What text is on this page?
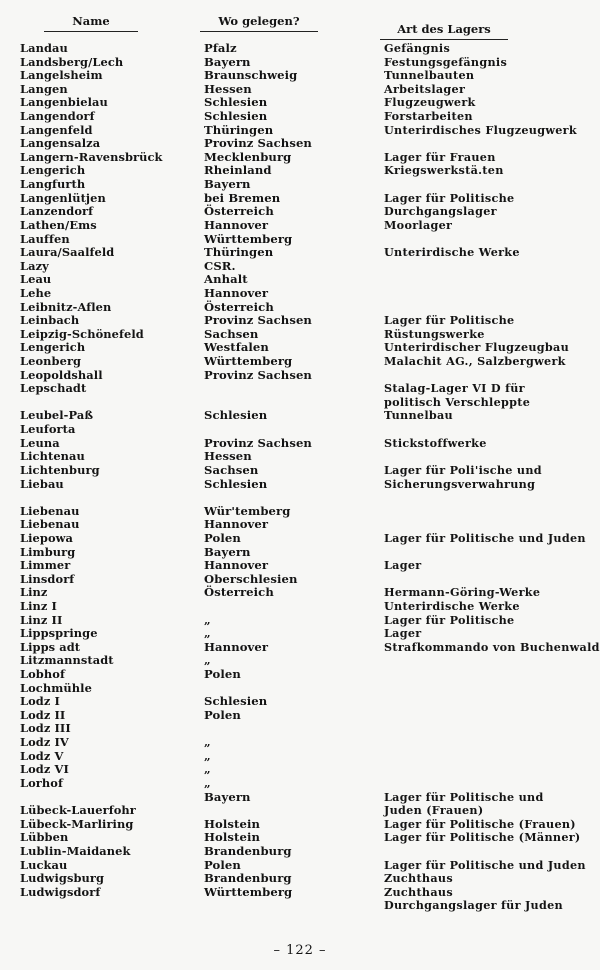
Name	Wo gelegen?
Art des Lagers
Landau
Landsberg/Lech
Langelsheim
Langen
Langenbielau
Langendorf
Langenfeld
Langensalza
Langern-Ravensbrück
Lengerich
Langfurth
Langenlütjen
Lanzendorf
Lathen/Ems
Lauffen
Laura/Saalfeld
Lazy
Leau
Lehe
Leibnitz-Aflen
Leinbach
Leipzig-Schönefeld
Lengerich
Leonberg
Leopoldshall
Lepschadt
Leubel-Paß
Leuforta
Leuna
Lichtenau
Lichtenburg
Liebau
Liebenau
Liebenau
Liepowa
Limburg
Limmer
Linsdorf
Linz
Linz I
Linz II
Lippspringe
Lipps adt
Litzmannstadt
Lobhof
Lochmühle
Lodz I
Lodz II
Lodz III
Lodz IV
Lodz V
Lodz VI
Lorhof
Lübeck-Lauerfohr
Lübeck-Marliring
Lübben
Lublin-Maidanek
Luckau
Ludwigsburg
Ludwigsdorf
Pfalz
Bayern
Braunschweig
Hessen
Schlesien
Schlesien
Thüringen
Provinz Sachsen
Mecklenburg
Rheinland
Bayern
bei Bremen
Österreich
Hannover
Württemberg
Thüringen
CSR.
Anhalt
Hannover
Österreich
Provinz Sachsen
Sachsen
Westfalen
Württemberg
Provinz Sachsen
Schlesien
Provinz Sachsen
Hessen
Sachsen
Schlesien
Wür'temberg
Hannover
Polen
Bayern
Hannover
Oberschlesien
Österreich
„
„
Hannover
„
Polen
Schlesien
Polen
„
„
„
„
Bayern
Holstein
Holstein
Brandenburg
Polen
Brandenburg
Württemberg
Gefängnis
Festungsgefängnis
Tunnelbauten
Arbeitslager
Flugzeugwerk
Forstarbeiten
Unterirdisches Flugzeugwerk
Lager für Frauen
Kriegswerkstä.ten
Lager für Politische
Durchgangslager
Moorlager
Unterirdische Werke
Lager für Politische
Rüstungswerke
Unterirdischer Flugzeugbau
Malachit AG., Salzbergwerk
Stalag-Lager VI D für
politisch Verschleppte
Tunnelbau
Stickstoffwerke
Lager für Poli'ische und
Sicherungsverwahrung
Lager für Politische und Juden
Lager
Hermann-Göring-Werke
Unterirdische Werke
Lager für Politische
Lager
Strafkommando von Buchenwald
Lager für Politische und
Juden (Frauen)
Lager für Politische (Frauen)
Lager für Politische (Männer)
Lager für Politische und Juden
Zuchthaus
Zuchthaus
Durchgangslager für Juden
– 122 –
